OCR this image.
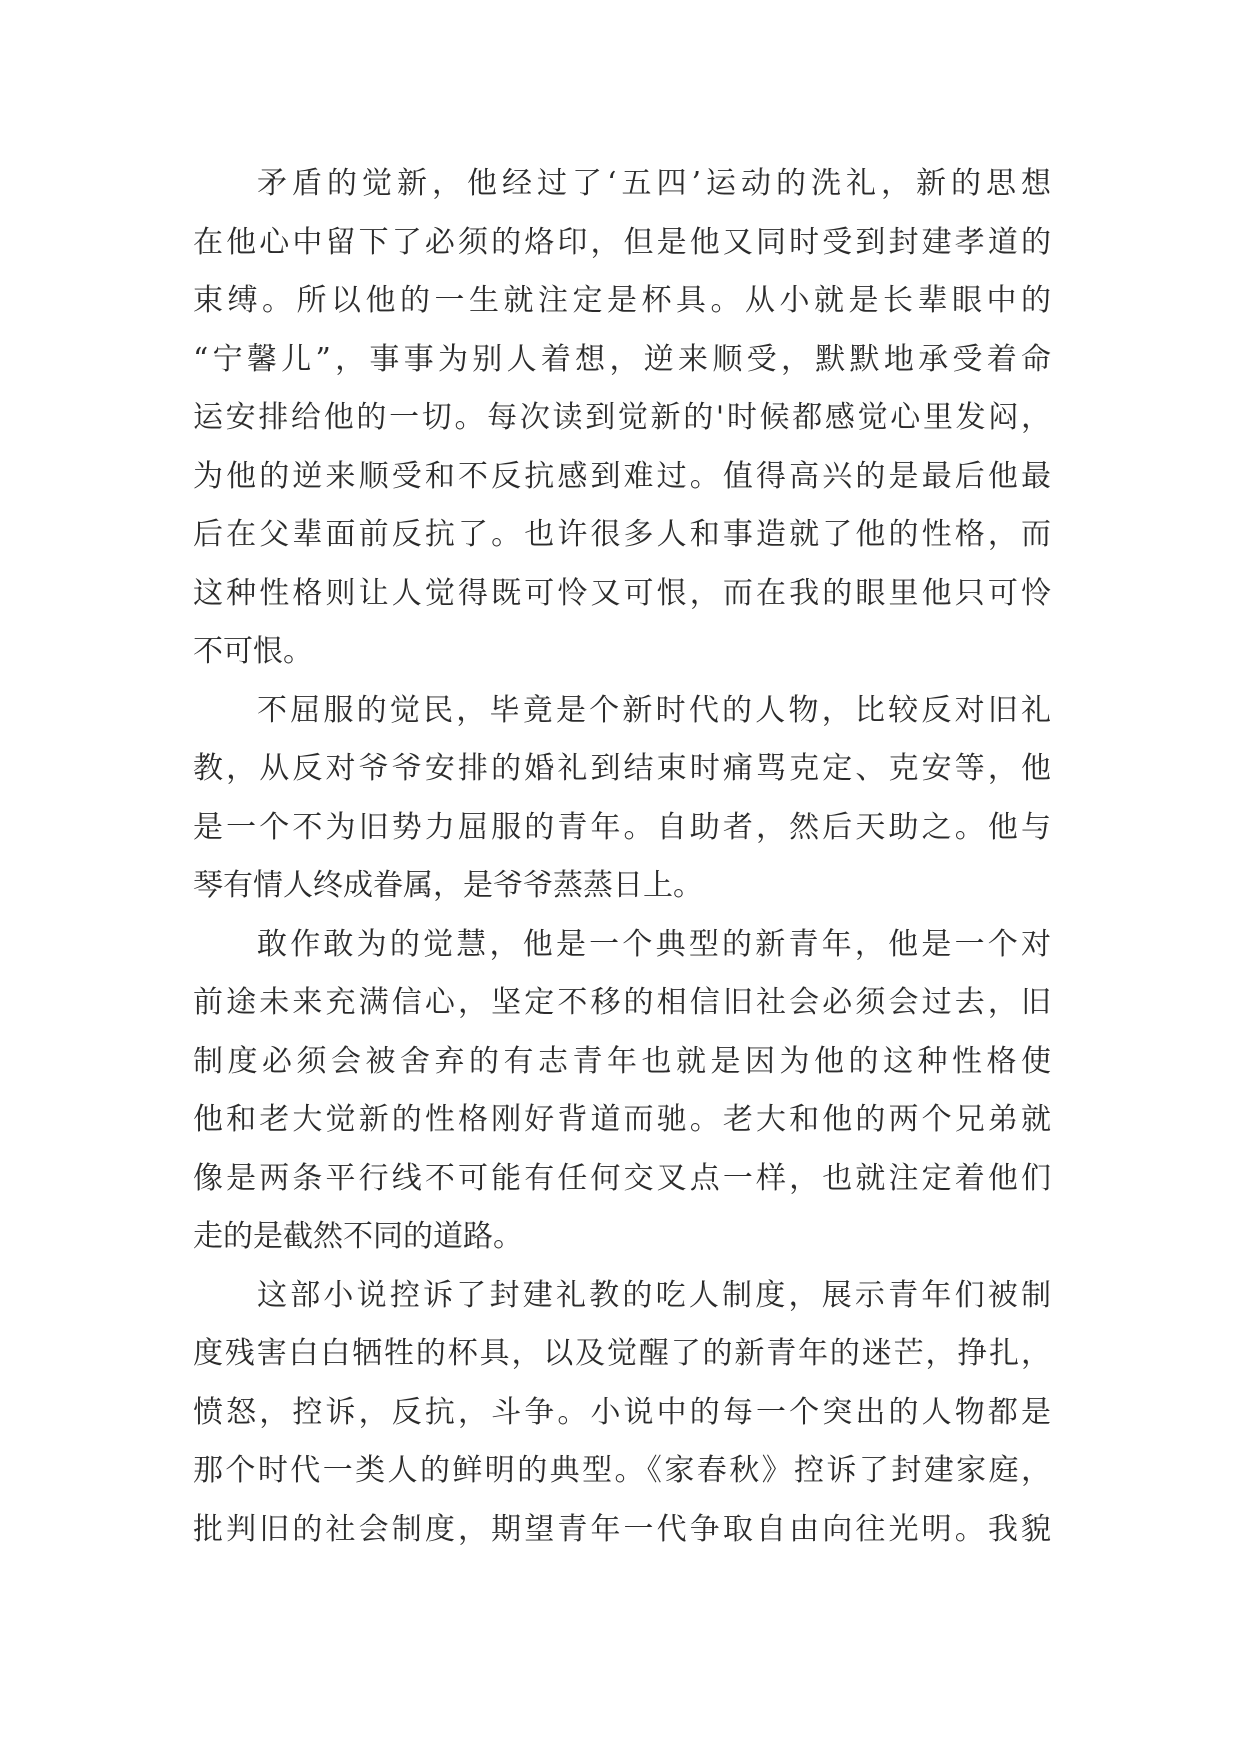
矛盾的觉新，他经过了‘五四’运动的洗礼，新的思想
在他心中留下了必须的烙印，但是他又同时受到封建孝道的
束缚。所以他的一生就注定是杯具。从小就是长辈眼中的
“宁馨儿”，事事为别人着想，逆来顺受，默默地承受着命
运安排给他的一切。每次读到觉新的'时候都感觉心里发闷，
为他的逆来顺受和不反抗感到难过。值得高兴的是最后他最
后在父辈面前反抗了。也许很多人和事造就了他的性格，而
这种性格则让人觉得既可怜又可恨，而在我的眼里他只可怜
不可恨。
不屈服的觉民，毕竟是个新时代的人物，比较反对旧礼
教，从反对爷爷安排的婚礼到结束时痛骂克定、克安等，他
是一个不为旧势力屈服的青年。自助者，然后天助之。他与
琴有情人终成眷属，是爷爷蒸蒸日上。
敢作敢为的觉慧，他是一个典型的新青年，他是一个对
前途未来充满信心，坚定不移的相信旧社会必须会过去，旧
制度必须会被舍弃的有志青年也就是因为他的这种性格使
他和老大觉新的性格刚好背道而驰。老大和他的两个兄弟就
像是两条平行线不可能有任何交叉点一样，也就注定着他们
走的是截然不同的道路。
这部小说控诉了封建礼教的吃人制度，展示青年们被制
度残害白白牺牲的杯具，以及觉醒了的新青年的迷芒，挣扎，
愤怒，控诉，反抗，斗争。小说中的每一个突出的人物都是
那个时代一类人的鲜明的典型。《家春秋》控诉了封建家庭，
批判旧的社会制度，期望青年一代争取自由向往光明。我貌
